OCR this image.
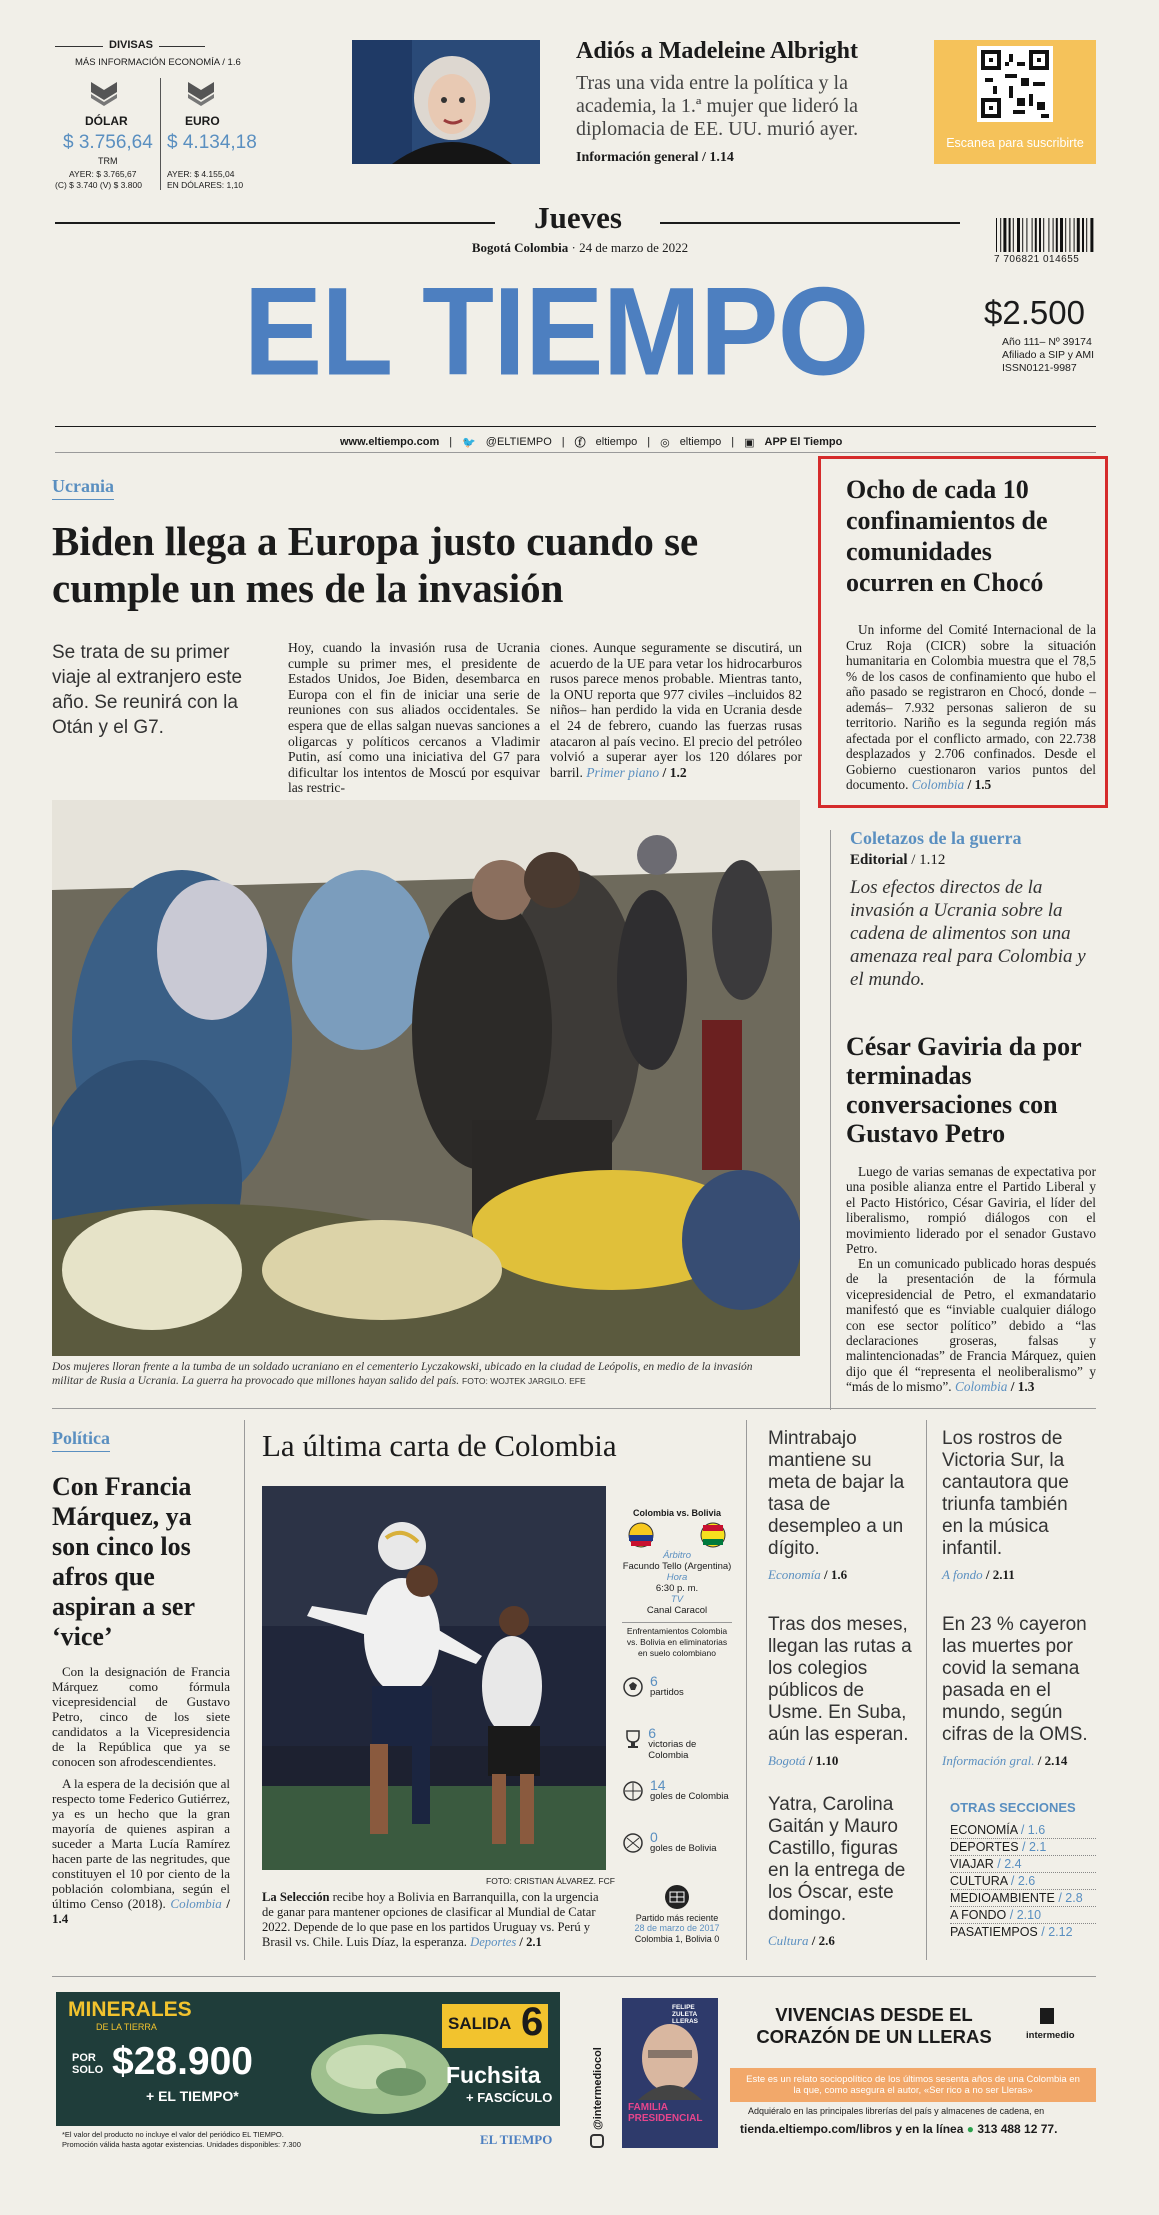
DIVISAS
MÁS INFORMACIÓN ECONOMÍA / 1.6
DÓLAR	EURO
$ 3.756,64 $ 4.134,18
TRM
AYER: $ 3.765,67
(C) $ 3.740 (V) $ 3.800
AYER: $ 4.155,04
EN DÓLARES: 1,10
Adiós a Madeleine Albright
Tras una vida entre la política y la academia, la 1.ª mujer que lideró la diplomacia de EE. UU. murió ayer.
Información general / 1.14
Escanea para suscribirte
Jueves
Bogotá Colombia · 24 de marzo de 2022
EL TIEMPO
7 706821 014655
$2.500
Año 111– Nº 39174
Afiliado a SIP y AMI
ISSN0121-9987
www.eltiempo.com | 🐦 @ELTIEMPO | ⓕ eltiempo | ◎ eltiempo | ▣ APP El Tiempo
Ucrania
Biden llega a Europa justo cuando se cumple un mes de la invasión
Se trata de su primer viaje al extranjero este año. Se reunirá con la Otán y el G7.
Hoy, cuando la invasión rusa de Ucrania cumple su primer mes, el presidente de Estados Unidos, Joe Biden, desembarca en Europa con el fin de iniciar una serie de reuniones con sus aliados occidentales. Se espera que de ellas salgan nuevas sanciones a oligarcas y políticos cercanos a Vladimir Putin, así como una iniciativa del G7 para dificultar los intentos de Moscú por esquivar las restric-
ciones. Aunque seguramente se discutirá, un acuerdo de la UE para vetar los hidrocarburos rusos parece menos probable. Mientras tanto, la ONU reporta que 977 civiles –incluidos 82 niños– han perdido la vida en Ucrania desde el 24 de febrero, cuando las fuerzas rusas atacaron al país vecino. El precio del petróleo volvió a superar ayer los 120 dólares por barril. Primer piano / 1.2
Dos mujeres lloran frente a la tumba de un soldado ucraniano en el cementerio Lyczakowski, ubicado en la ciudad de Leópolis, en medio de la invasión militar de Rusia a Ucrania. La guerra ha provocado que millones hayan salido del país. FOTO: WOJTEK JARGILO. EFE
Ocho de cada 10 confinamientos de comunidades ocurren en Chocó
Un informe del Comité Internacional de la Cruz Roja (CICR) sobre la situación humanitaria en Colombia muestra que el 78,5 % de los casos de confinamiento que hubo el año pasado se registraron en Chocó, donde –además– 7.932 personas salieron de su territorio. Nariño es la segunda región más afectada por el conflicto armado, con 22.738 desplazados y 2.706 confinados. Desde el Gobierno cuestionaron varios puntos del documento. Colombia / 1.5
Coletazos de la guerra
Editorial / 1.12
Los efectos directos de la invasión a Ucrania sobre la cadena de alimentos son una amenaza real para Colombia y el mundo.
César Gaviria da por terminadas conversaciones con Gustavo Petro
Luego de varias semanas de expectativa por una posible alianza entre el Partido Liberal y el Pacto Histórico, César Gaviria, el líder del liberalismo, rompió diálogos con el movimiento liderado por el senador Gustavo Petro.
En un comunicado publicado horas después de la presentación de la fórmula vicepresidencial de Petro, el exmandatario manifestó que es “inviable cualquier diálogo con ese sector político” debido a “las declaraciones groseras, falsas y malintencionadas” de Francia Márquez, quien dijo que él “representa el neoliberalismo” y “más de lo mismo”. Colombia / 1.3
Política
Con Francia Márquez, ya son cinco los afros que aspiran a ser ‘vice’
Con la designación de Francia Márquez como fórmula vicepresidencial de Gustavo Petro, cinco de los siete candidatos a la Vicepresidencia de la República que ya se conocen son afrodescendientes.
A la espera de la decisión que al respecto tome Federico Gutiérrez, ya es un hecho que la gran mayoría de quienes aspiran a suceder a Marta Lucía Ramírez hacen parte de las negritudes, que constituyen el 10 por ciento de la población colombiana, según el último Censo (2018). Colombia / 1.4
La última carta de Colombia
FOTO: CRISTIAN ÁLVAREZ. FCF
La Selección recibe hoy a Bolivia en Barranquilla, con la urgencia de ganar para mantener opciones de clasificar al Mundial de Catar 2022. Depende de lo que pase en los partidos Uruguay vs. Perú y Brasil vs. Chile. Luis Díaz, la esperanza. Deportes / 2.1
Colombia vs. Bolivia
Árbitro
Facundo Tello (Argentina)
Hora
6:30 p. m.
TV
Canal Caracol
Enfrentamientos Colombia vs. Bolivia en eliminatorias en suelo colombiano
6
partidos
6
victorias de Colombia
14
goles de Colombia
0
goles de Bolivia
Partido más reciente
28 de marzo de 2017
Colombia 1, Bolivia 0
Mintrabajo mantiene su meta de bajar la tasa de desempleo a un dígito.
Economía / 1.6
Los rostros de Victoria Sur, la cantautora que triunfa también en la música infantil.
A fondo / 2.11
Tras dos meses, llegan las rutas a los colegios públicos de Usme. En Suba, aún las esperan.
Bogotá / 1.10
En 23 % cayeron las muertes por covid la semana pasada en el mundo, según cifras de la OMS.
Información gral. / 2.14
Yatra, Carolina Gaitán y Mauro Castillo, figuras en la entrega de los Óscar, este domingo.
Cultura / 2.6
OTRAS SECCIONES
ECONOMÍA / 1.6
DEPORTES / 2.1
VIAJAR / 2.4
CULTURA / 2.6
MEDIOAMBIENTE / 2.8
A FONDO / 2.10
PASATIEMPOS / 2.12
MINERALES
DE LA TIERRA
POR SOLO $28.900
+ EL TIEMPO*
SALIDA 6
Fuchsita
+ FASCÍCULO
*El valor del producto no incluye el valor del periódico EL TIEMPO.
Promoción válida hasta agotar existencias. Unidades disponibles: 7.300	EL TIEMPO
@intermediocol
FELIPE ZULETA LLERAS
FAMILIA PRESIDENCIAL
VIVENCIAS DESDE EL CORAZÓN DE UN LLERAS	intermedio
Este es un relato sociopolítico de los últimos sesenta años de una Colombia en la que, como asegura el autor, «Ser rico a no ser Lleras»
Adquiéralo en las principales librerías del país y almacenes de cadena, en
tienda.eltiempo.com/libros y en la línea ● 313 488 12 77.
